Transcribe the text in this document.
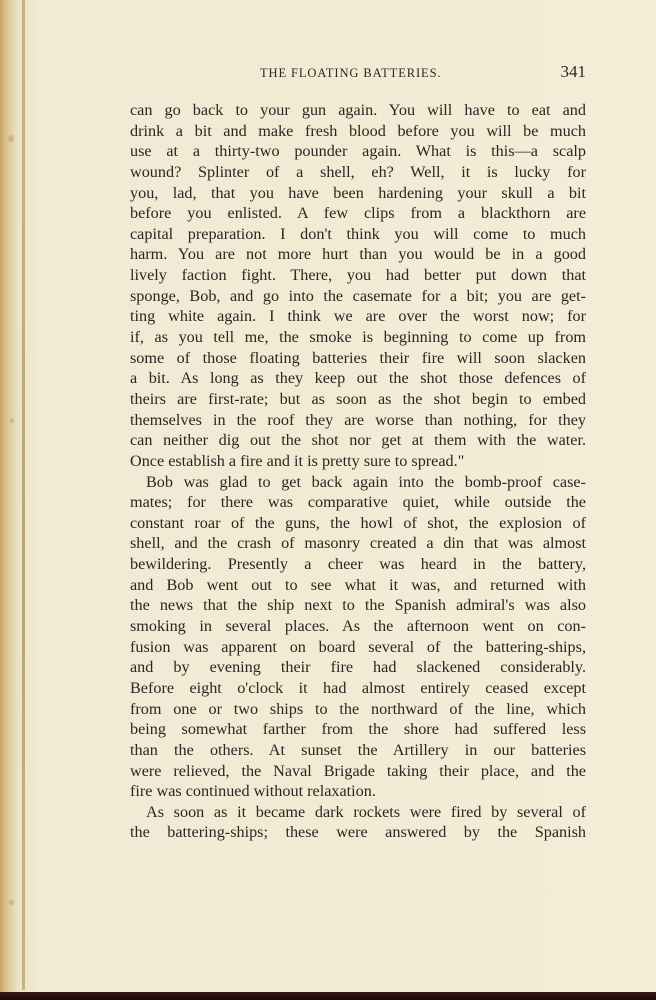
THE FLOATING BATTERIES.	341
can go back to your gun again. You will have to eat and
drink a bit and make fresh blood before you will be much
use at a thirty-two pounder again. What is this—a scalp
wound? Splinter of a shell, eh? Well, it is lucky for
you, lad, that you have been hardening your skull a bit
before you enlisted. A few clips from a blackthorn are
capital preparation. I don't think you will come to much
harm. You are not more hurt than you would be in a good
lively faction fight. There, you had better put down that
sponge, Bob, and go into the casemate for a bit; you are get-
ting white again. I think we are over the worst now; for
if, as you tell me, the smoke is beginning to come up from
some of those floating batteries their fire will soon slacken
a bit. As long as they keep out the shot those defences of
theirs are first-rate; but as soon as the shot begin to embed
themselves in the roof they are worse than nothing, for they
can neither dig out the shot nor get at them with the water.
Once establish a fire and it is pretty sure to spread."
Bob was glad to get back again into the bomb-proof case-
mates; for there was comparative quiet, while outside the
constant roar of the guns, the howl of shot, the explosion of
shell, and the crash of masonry created a din that was almost
bewildering. Presently a cheer was heard in the battery,
and Bob went out to see what it was, and returned with
the news that the ship next to the Spanish admiral's was also
smoking in several places. As the afternoon went on con-
fusion was apparent on board several of the battering-ships,
and by evening their fire had slackened considerably.
Before eight o'clock it had almost entirely ceased except
from one or two ships to the northward of the line, which
being somewhat farther from the shore had suffered less
than the others. At sunset the Artillery in our batteries
were relieved, the Naval Brigade taking their place, and the
fire was continued without relaxation.
As soon as it became dark rockets were fired by several of
the battering-ships; these were answered by the Spanish
